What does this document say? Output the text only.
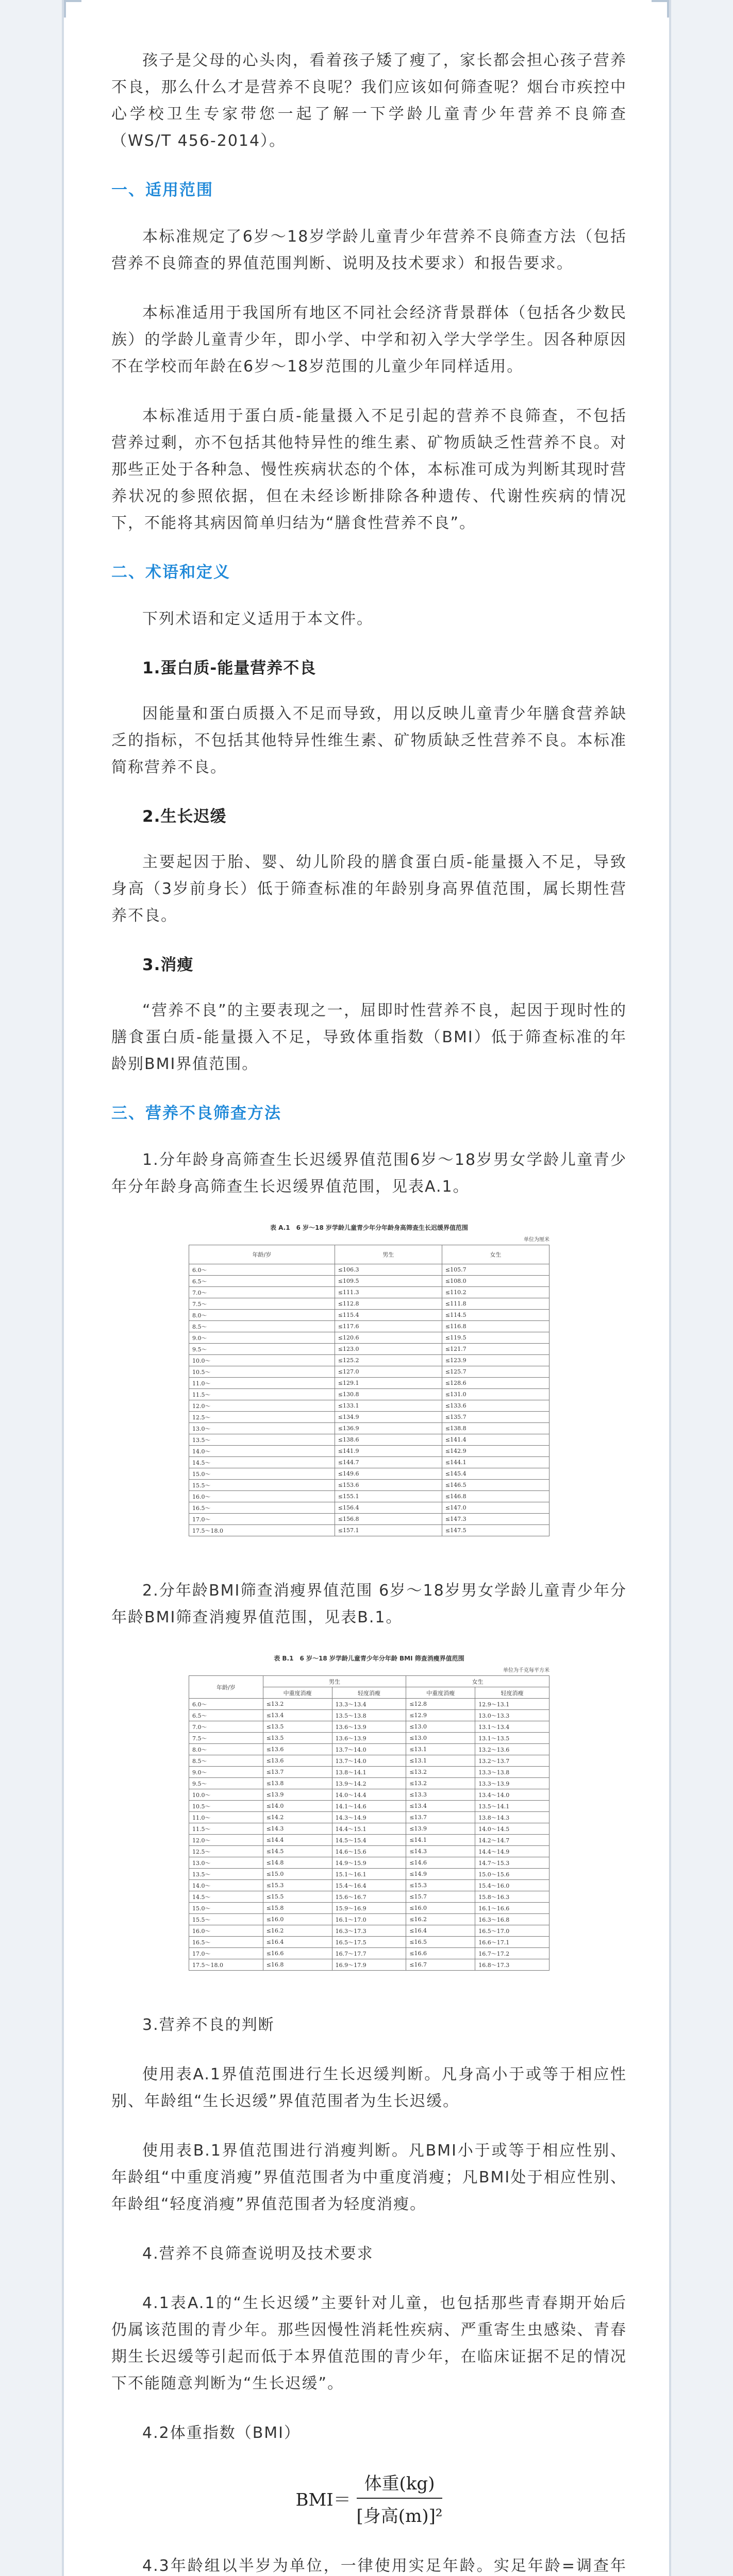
孩子是父母的心头肉，看着孩子矮了瘦了，家长都会担心孩子营养不良，那么什么才是营养不良呢？我们应该如何筛查呢？烟台市疾控中心学校卫生专家带您一起了解一下学龄儿童青少年营养不良筛查（WS/T 456-2014）。

一、适用范围

本标准规定了6岁～18岁学龄儿童青少年营养不良筛查方法（包括营养不良筛查的界值范围判断、说明及技术要求）和报告要求。

本标准适用于我国所有地区不同社会经济背景群体（包括各少数民族）的学龄儿童青少年，即小学、中学和初入学大学学生。因各种原因不在学校而年龄在6岁～18岁范围的儿童少年同样适用。

本标准适用于蛋白质-能量摄入不足引起的营养不良筛查，不包括营养过剩，亦不包括其他特异性的维生素、矿物质缺乏性营养不良。对那些正处于各种急、慢性疾病状态的个体，本标准可成为判断其现时营养状况的参照依据，但在未经诊断排除各种遗传、代谢性疾病的情况下，不能将其病因简单归结为“膳食性营养不良”。

二、术语和定义

下列术语和定义适用于本文件。

1.蛋白质-能量营养不良

因能量和蛋白质摄入不足而导致，用以反映儿童青少年膳食营养缺乏的指标，不包括其他特异性维生素、矿物质缺乏性营养不良。本标准简称营养不良。

2.生长迟缓

主要起因于胎、婴、幼儿阶段的膳食蛋白质-能量摄入不足，导致身高（3岁前身长）低于筛查标准的年龄别身高界值范围，属长期性营养不良。

3.消瘦

“营养不良”的主要表现之一，屈即时性营养不良，起因于现时性的膳食蛋白质-能量摄入不足，导致体重指数（BMI）低于筛查标准的年龄别BMI界值范围。

三、营养不良筛查方法

1.分年龄身高筛查生长迟缓界值范围6岁～18岁男女学龄儿童青少年分年龄身高筛查生长迟缓界值范围，见表A.1。

表 A.1　6 岁～18 岁学龄儿童青少年分年龄身高筛查生长迟缓界值范围
单位为厘米
年龄/岁	男生	女生
6.0～	≤106.3	≤105.7
6.5～	≤109.5	≤108.0
7.0～	≤111.3	≤110.2
7.5～	≤112.8	≤111.8
8.0～	≤115.4	≤114.5
8.5～	≤117.6	≤116.8
9.0～	≤120.6	≤119.5
9.5～	≤123.0	≤121.7
10.0～	≤125.2	≤123.9
10.5～	≤127.0	≤125.7
11.0～	≤129.1	≤128.6
11.5～	≤130.8	≤131.0
12.0～	≤133.1	≤133.6
12.5～	≤134.9	≤135.7
13.0～	≤136.9	≤138.8
13.5～	≤138.6	≤141.4
14.0～	≤141.9	≤142.9
14.5～	≤144.7	≤144.1
15.0～	≤149.6	≤145.4
15.5～	≤153.6	≤146.5
16.0～	≤155.1	≤146.8
16.5～	≤156.4	≤147.0
17.0～	≤156.8	≤147.3
17.5～18.0	≤157.1	≤147.5

2.分年龄BMI筛查消瘦界值范围 6岁～18岁男女学龄儿童青少年分年龄BMI筛查消瘦界值范围，见表B.1。

表 B.1　6 岁～18 岁学龄儿童青少年分年龄 BMI 筛查消瘦界值范围
单位为千克每平方米
年龄/岁	男生		女生	
	中重度消瘦	轻度消瘦	中重度消瘦	轻度消瘦
6.0～	≤13.2	13.3～13.4	≤12.8	12.9～13.1
6.5～	≤13.4	13.5～13.8	≤12.9	13.0～13.3
7.0～	≤13.5	13.6～13.9	≤13.0	13.1～13.4
7.5～	≤13.5	13.6～13.9	≤13.0	13.1～13.5
8.0～	≤13.6	13.7～14.0	≤13.1	13.2～13.6
8.5～	≤13.6	13.7～14.0	≤13.1	13.2～13.7
9.0～	≤13.7	13.8～14.1	≤13.2	13.3～13.8
9.5～	≤13.8	13.9～14.2	≤13.2	13.3～13.9
10.0～	≤13.9	14.0～14.4	≤13.3	13.4～14.0
10.5～	≤14.0	14.1～14.6	≤13.4	13.5～14.1
11.0～	≤14.2	14.3～14.9	≤13.7	13.8～14.3
11.5～	≤14.3	14.4～15.1	≤13.9	14.0～14.5
12.0～	≤14.4	14.5～15.4	≤14.1	14.2～14.7
12.5～	≤14.5	14.6～15.6	≤14.3	14.4～14.9
13.0～	≤14.8	14.9～15.9	≤14.6	14.7～15.3
13.5～	≤15.0	15.1～16.1	≤14.9	15.0～15.6
14.0～	≤15.3	15.4～16.4	≤15.3	15.4～16.0
14.5～	≤15.5	15.6～16.7	≤15.7	15.8～16.3
15.0～	≤15.8	15.9～16.9	≤16.0	16.1～16.6
15.5～	≤16.0	16.1～17.0	≤16.2	16.3～16.8
16.0～	≤16.2	16.3～17.3	≤16.4	16.5～17.0
16.5～	≤16.4	16.5～17.5	≤16.5	16.6～17.1
17.0～	≤16.6	16.7～17.7	≤16.6	16.7～17.2
17.5～18.0	≤16.8	16.9～17.9	≤16.7	16.8～17.3

3.营养不良的判断

使用表A.1界值范围进行生长迟缓判断。凡身高小于或等于相应性别、年龄组“生长迟缓”界值范围者为生长迟缓。

使用表B.1界值范围进行消瘦判断。凡BMI小于或等于相应性别、年龄组“中重度消瘦”界值范围者为中重度消瘦；凡BMI处于相应性别、年龄组“轻度消瘦”界值范围者为轻度消瘦。

4.营养不良筛查说明及技术要求

4.1表A.1的“生长迟缓”主要针对儿童，也包括那些青春期开始后仍属该范围的青少年。那些因慢性消耗性疾病、严重寄生虫感染、青春期生长迟缓等引起而低于本界值范围的青少年，在临床证据不足的情况下不能随意判断为“生长迟缓”。

4.2体重指数（BMI）

$BMI= \frac{\text{体重(kg)}}{\text{[身高(m)]²}}$

4.3年龄组以半岁为单位，一律使用实足年龄。实足年龄=调查年
